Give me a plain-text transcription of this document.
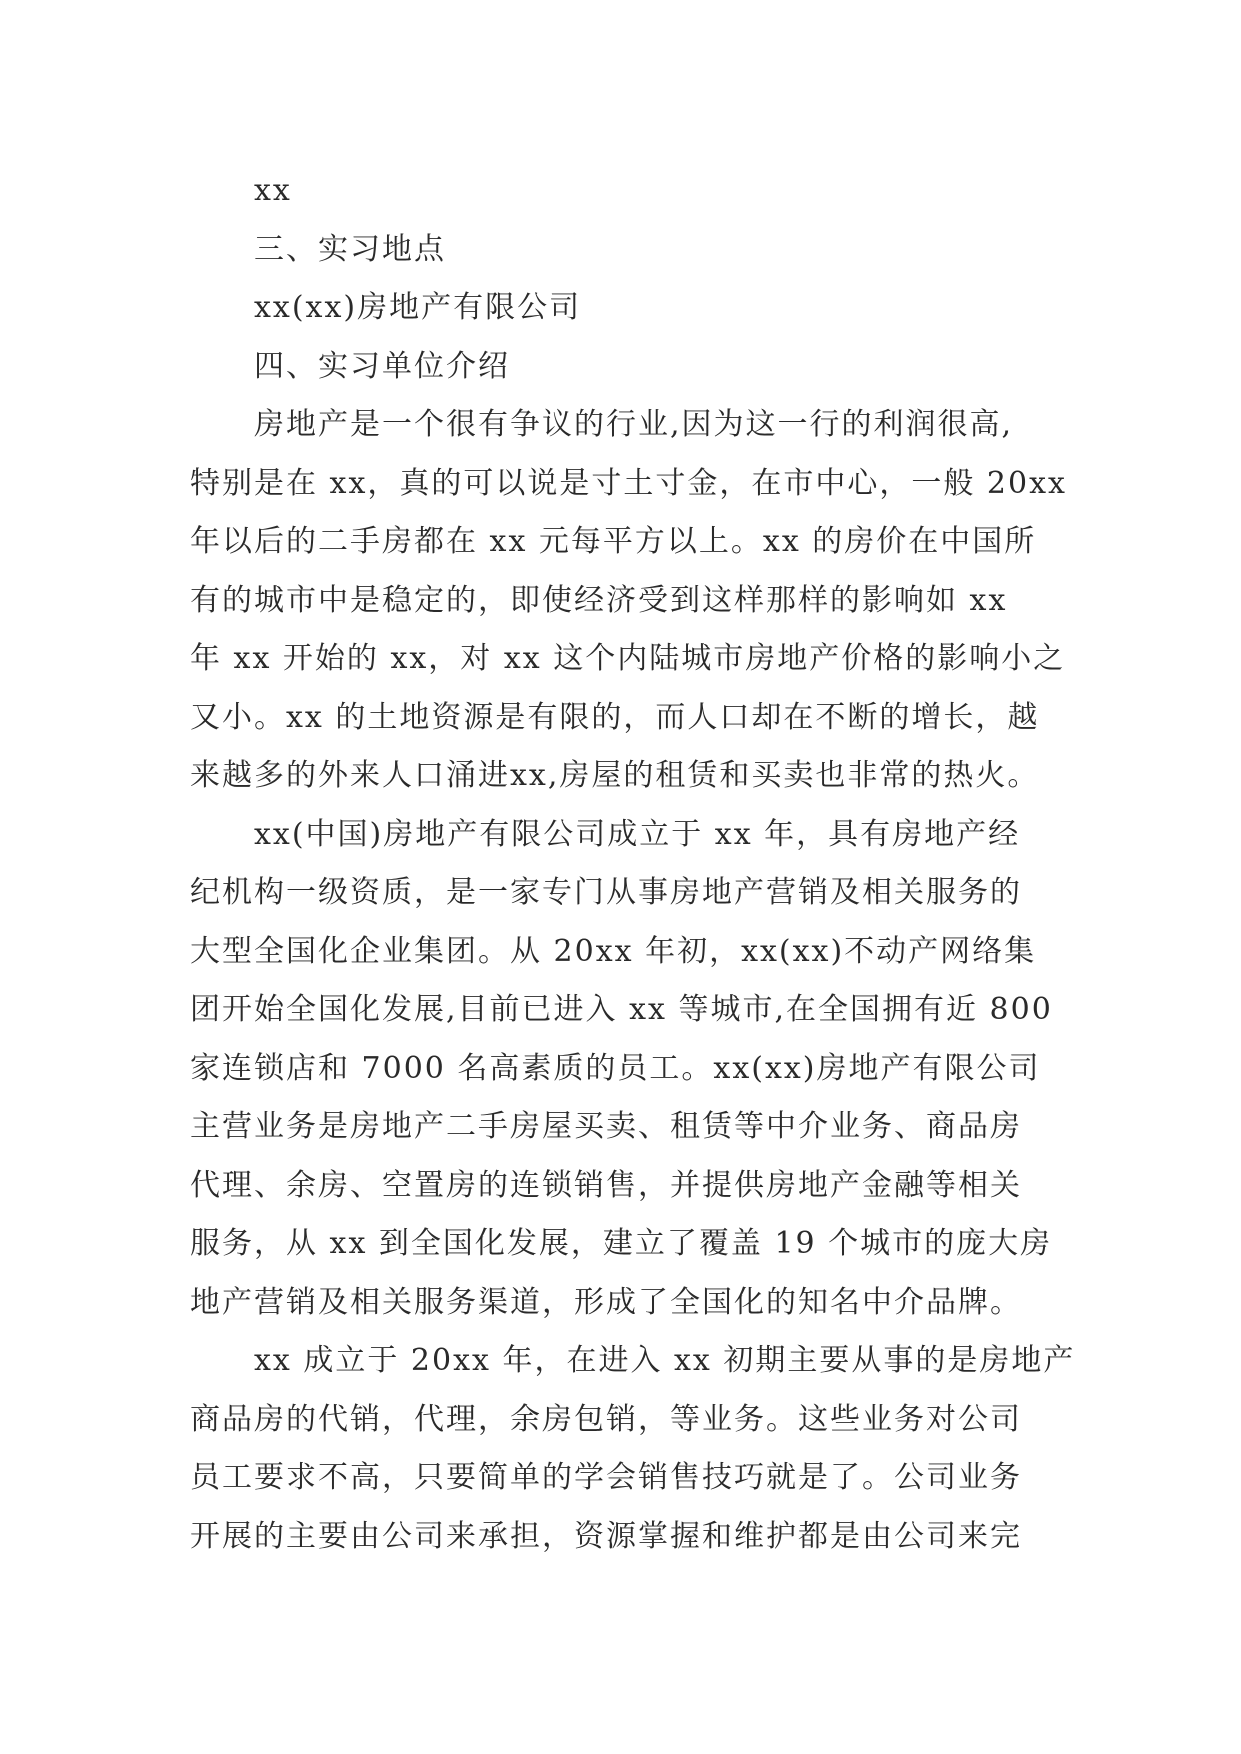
xx
三、实习地点
xx(xx)房地产有限公司
四、实习单位介绍
房地产是一个很有争议的行业,因为这一行的利润很高,
特别是在 xx，真的可以说是寸土寸金，在市中心，一般 20xx
年以后的二手房都在 xx 元每平方以上。xx 的房价在中国所
有的城市中是稳定的，即使经济受到这样那样的影响如 xx
年 xx 开始的 xx，对 xx 这个内陆城市房地产价格的影响小之
又小。xx 的土地资源是有限的，而人口却在不断的增长，越
来越多的外来人口涌进xx,房屋的租赁和买卖也非常的热火。
xx(中国)房地产有限公司成立于 xx 年，具有房地产经
纪机构一级资质，是一家专门从事房地产营销及相关服务的
大型全国化企业集团。从 20xx 年初，xx(xx)不动产网络集
团开始全国化发展,目前已进入 xx 等城市,在全国拥有近 800
家连锁店和 7000 名高素质的员工。xx(xx)房地产有限公司
主营业务是房地产二手房屋买卖、租赁等中介业务、商品房
代理、余房、空置房的连锁销售，并提供房地产金融等相关
服务，从 xx 到全国化发展，建立了覆盖 19 个城市的庞大房
地产营销及相关服务渠道，形成了全国化的知名中介品牌。
xx 成立于 20xx 年，在进入 xx 初期主要从事的是房地产
商品房的代销，代理，余房包销，等业务。这些业务对公司
员工要求不高，只要简单的学会销售技巧就是了。公司业务
开展的主要由公司来承担，资源掌握和维护都是由公司来完
